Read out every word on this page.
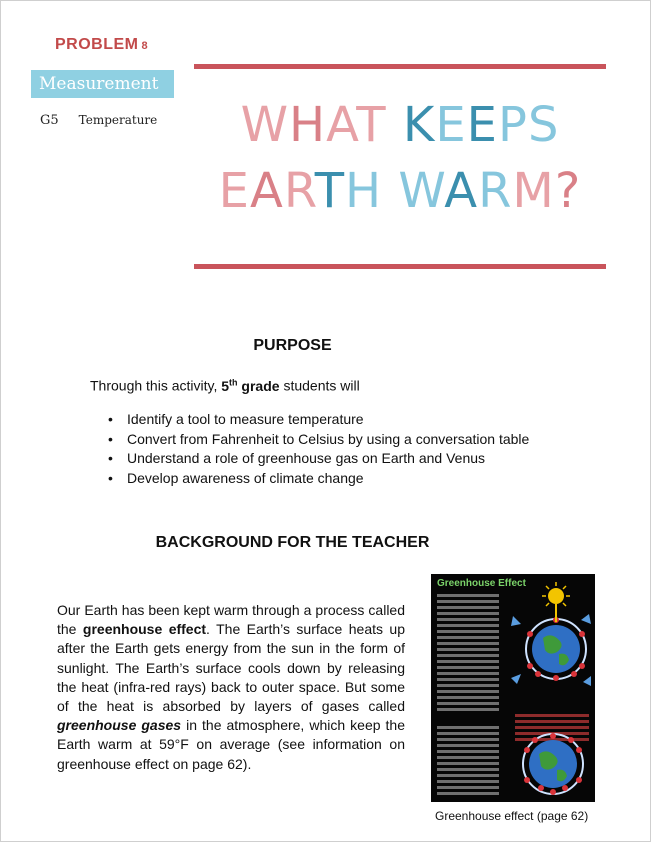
PROBLEM 8
Measurement
G5 Temperature	WHAT KEEPS
EARTH WARM?
PURPOSE
Through this activity, 5th grade students will
• Identify a tool to measure temperature
• Convert from Fahrenheit to Celsius by using a conversation table
• Understand a role of greenhouse gas on Earth and Venus
• Develop awareness of climate change
BACKGROUND FOR THE TEACHER

Our Earth has been kept warm through a process called the greenhouse effect. The Earth’s surface heats up after the Earth gets energy from the sun in the form of sunlight. The Earth’s surface cools down by releasing the heat (infra-red rays) back to outer space. But some of the heat is absorbed by layers of gases called greenhouse gases in the atmosphere, which keep the Earth warm at 59°F on average (see information on greenhouse effect on page 62).

Greenhouse Effect
Greenhouse effect (page 62)
